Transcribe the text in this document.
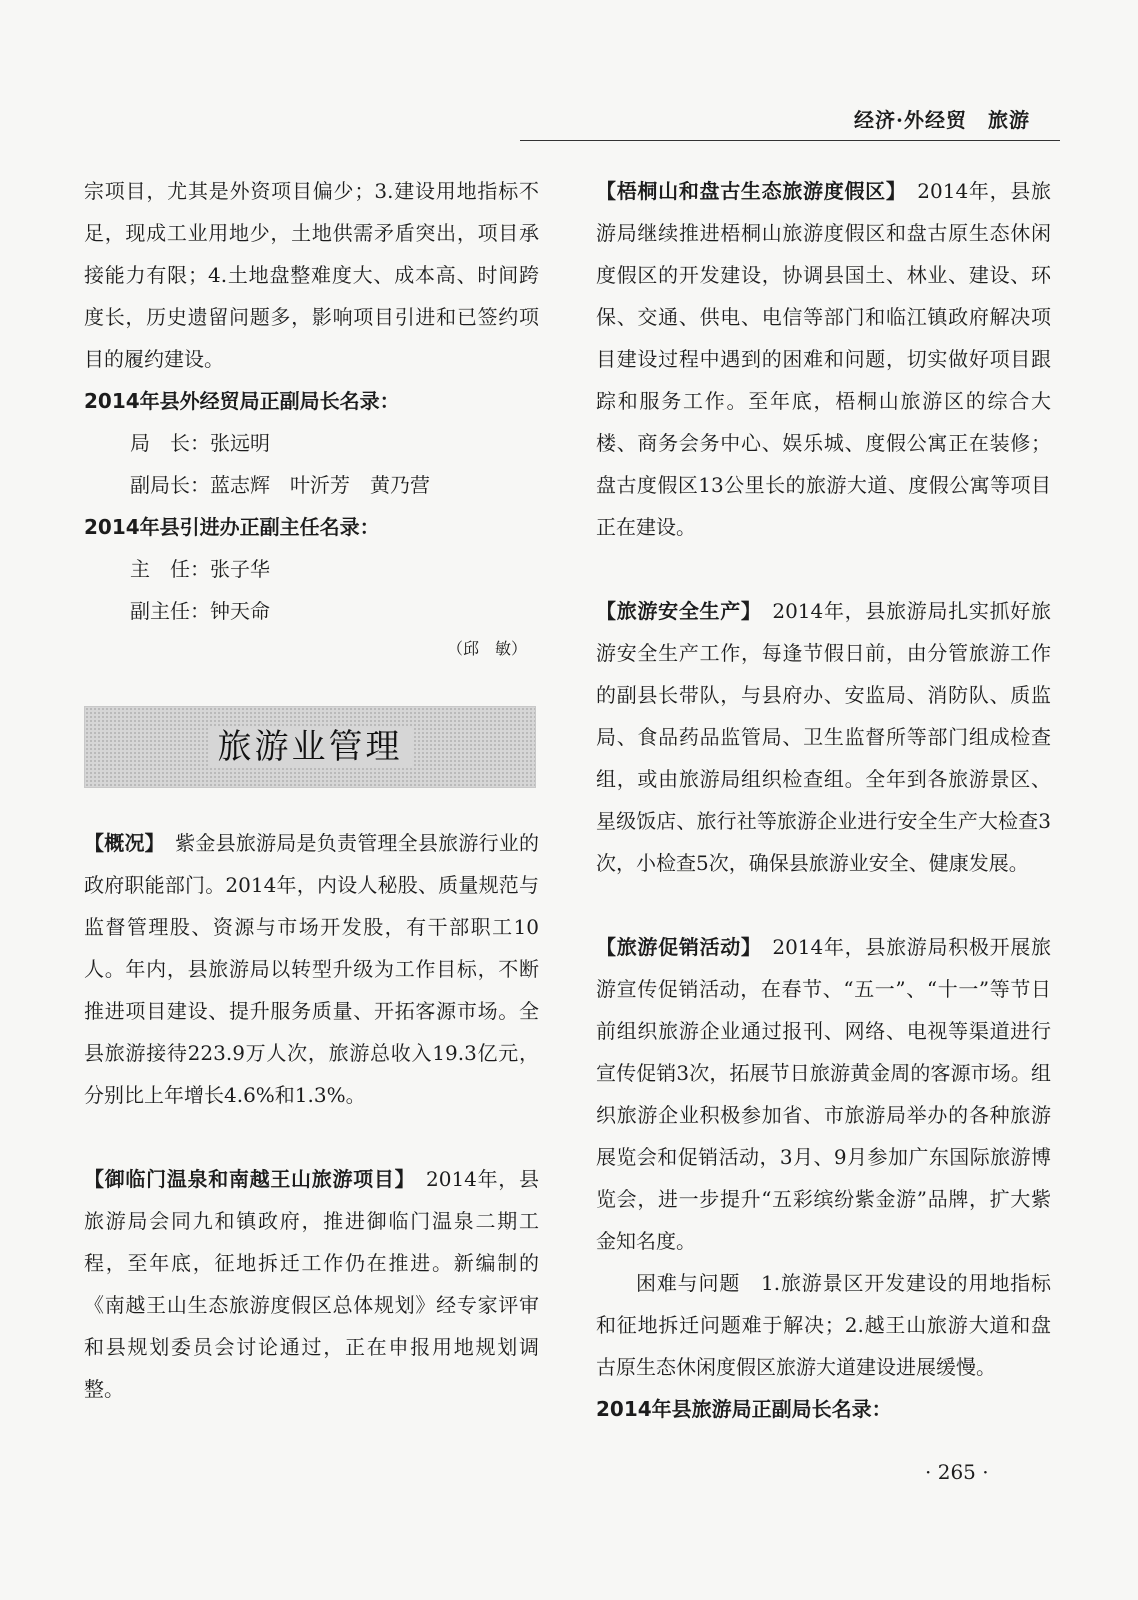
经济·外经贸　旅游

宗项目，尤其是外资项目偏少；3.建设用地指标不足，现成工业用地少，土地供需矛盾突出，项目承接能力有限；4.土地盘整难度大、成本高、时间跨度长，历史遗留问题多，影响项目引进和已签约项目的履约建设。

2014年县外经贸局正副局长名录：

局　长：张远明

副局长：蓝志辉　叶沂芳　黄乃营

2014年县引进办正副主任名录：

主　任：张子华

副主任：钟天命

（邱　敏）

旅游业管理

【概况】　 紫金县旅游局是负责管理全县旅游行业的政府职能部门。2014年，内设人秘股、质量规范与监督管理股、资源与市场开发股，有干部职工10人。年内，县旅游局以转型升级为工作目标，不断推进项目建设、提升服务质量、开拓客源市场。全县旅游接待223.9万人次，旅游总收入19.3亿元，分别比上年增长4.6%和1.3%。

【御临门温泉和南越王山旅游项目】　 2014年，县旅游局会同九和镇政府，推进御临门温泉二期工程，至年底，征地拆迁工作仍在推进。新编制的《南越王山生态旅游度假区总体规划》经专家评审和县规划委员会讨论通过，正在申报用地规划调整。

【梧桐山和盘古生态旅游度假区】　 2014年，县旅游局继续推进梧桐山旅游度假区和盘古原生态休闲度假区的开发建设，协调县国土、林业、建设、环保、交通、供电、电信等部门和临江镇政府解决项目建设过程中遇到的困难和问题，切实做好项目跟踪和服务工作。至年底，梧桐山旅游区的综合大楼、商务会务中心、娱乐城、度假公寓正在装修；盘古度假区13公里长的旅游大道、度假公寓等项目正在建设。

【旅游安全生产】　 2014年，县旅游局扎实抓好旅游安全生产工作，每逢节假日前，由分管旅游工作的副县长带队，与县府办、安监局、消防队、质监局、食品药品监管局、卫生监督所等部门组成检查组，或由旅游局组织检查组。全年到各旅游景区、星级饭店、旅行社等旅游企业进行安全生产大检查3次，小检查5次，确保县旅游业安全、健康发展。

【旅游促销活动】　 2014年，县旅游局积极开展旅游宣传促销活动，在春节、“五一”、“十一”等节日前组织旅游企业通过报刊、网络、电视等渠道进行宣传促销3次，拓展节日旅游黄金周的客源市场。组织旅游企业积极参加省、市旅游局举办的各种旅游展览会和促销活动，3月、9月参加广东国际旅游博览会，进一步提升“五彩缤纷紫金游”品牌，扩大紫金知名度。

困难与问题　 1.旅游景区开发建设的用地指标和征地拆迁问题难于解决；2.越王山旅游大道和盘古原生态休闲度假区旅游大道建设进展缓慢。

2014年县旅游局正副局长名录：

· 265 ·
